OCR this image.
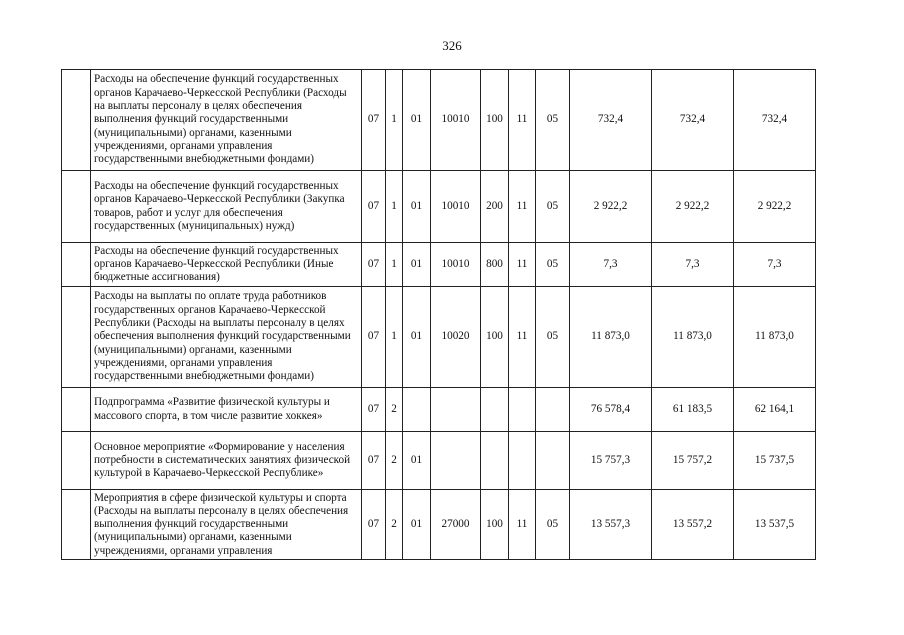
326
	Расходы на обеспечение функций государственных органов Карачаево-Черкесской Республики (Расходы на выплаты персоналу в целях обеспечения выполнения функций государственными (муниципальными) органами, казенными учреждениями, органами управления государственными внебюджетными фондами)	07	1	01	10010	100	11	05	732,4	732,4	732,4
	Расходы на обеспечение функций государственных органов Карачаево-Черкесской Республики (Закупка товаров, работ и услуг для обеспечения государственных (муниципальных) нужд)	07	1	01	10010	200	11	05	2 922,2	2 922,2	2 922,2
	Расходы на обеспечение функций государственных органов Карачаево-Черкесской Республики (Иные бюджетные ассигнования)	07	1	01	10010	800	11	05	7,3	7,3	7,3
	Расходы на выплаты по оплате труда работников государственных органов Карачаево-Черкесской Республики (Расходы на выплаты персоналу в целях обеспечения выполнения функций государственными (муниципальными) органами, казенными учреждениями, органами управления государственными внебюджетными фондами)	07	1	01	10020	100	11	05	11 873,0	11 873,0	11 873,0
	Подпрограмма «Развитие физической культуры и массового спорта, в том числе развитие хоккея»	07	2						76 578,4	61 183,5	62 164,1
	Основное мероприятие «Формирование у населения потребности в систематических занятиях физической культурой в Карачаево-Черкесской Республике»	07	2	01					15 757,3	15 757,2	15 737,5

	Мероприятия в сфере физической культуры и спорта (Расходы на выплаты персоналу в целях обеспечения выполнения функций государственными (муниципальными) органами, казенными учреждениями, органами управления	07	2	01	27000	100	11	05	13 557,3	13 557,2	13 537,5
